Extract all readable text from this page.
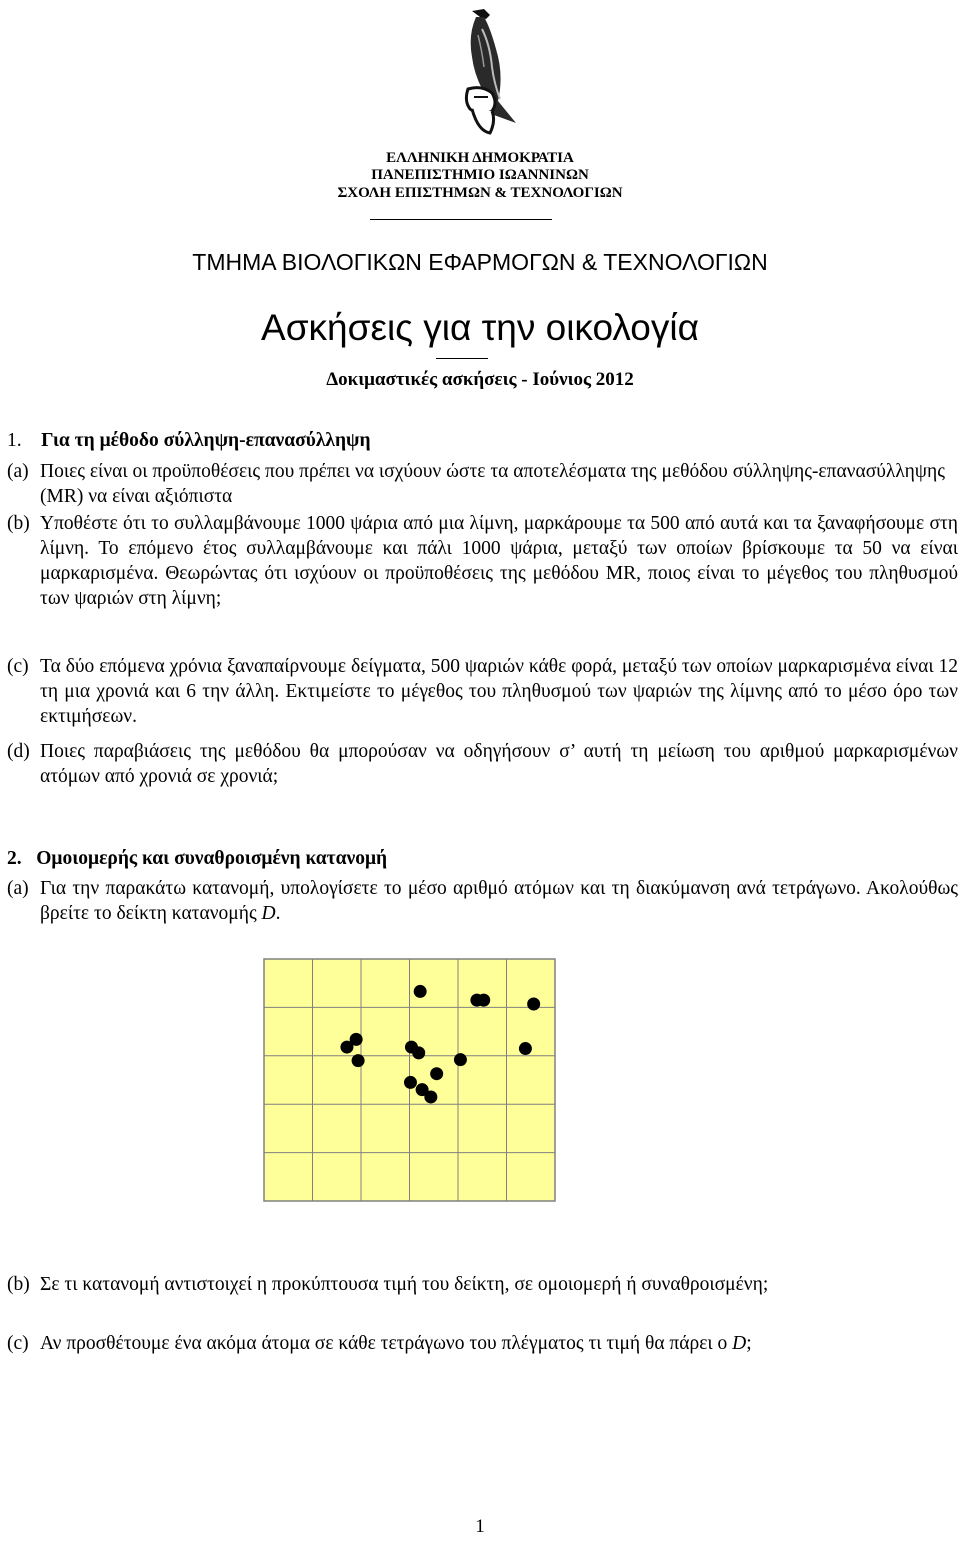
ΕΛΛΗΝΙΚΗ ΔΗΜΟΚΡΑΤΙΑ
ΠΑΝΕΠΙΣΤΗΜΙΟ ΙΩΑΝΝΙΝΩΝ
ΣΧΟΛΗ ΕΠΙΣΤΗΜΩΝ & ΤΕΧΝΟΛΟΓΙΩΝ
ΤΜΗΜΑ ΒΙΟΛΟΓΙΚΩΝ ΕΦΑΡΜΟΓΩΝ & ΤΕΧΝΟΛΟΓΙΩΝ
Ασκήσεις για την οικολογία
Δοκιμαστικές ασκήσεις - Ιούνιος 2012
1. Για τη μέθοδο σύλληψη-επανασύλληψη
(a) Ποιες είναι οι προϋποθέσεις που πρέπει να ισχύουν ώστε τα αποτελέσματα της μεθόδου σύλληψης-επανασύλληψης (MR) να είναι αξιόπιστα
(b) Υποθέστε ότι το συλλαμβάνουμε 1000 ψάρια από μια λίμνη, μαρκάρουμε τα 500 από αυτά και τα ξαναφήσουμε στη λίμνη. Το επόμενο έτος συλλαμβάνουμε και πάλι 1000 ψάρια, μεταξύ των οποίων βρίσκουμε τα 50 να είναι μαρκαρισμένα. Θεωρώντας ότι ισχύουν οι προϋποθέσεις της μεθόδου MR, ποιος είναι το μέγεθος του πληθυσμού των ψαριών στη λίμνη;
(c) Τα δύο επόμενα χρόνια ξαναπαίρνουμε δείγματα, 500 ψαριών κάθε φορά, μεταξύ των οποίων μαρκαρισμένα είναι 12 τη μια χρονιά και 6 την άλλη. Εκτιμείστε το μέγεθος του πληθυσμού των ψαριών της λίμνης από το μέσο όρο των εκτιμήσεων.
(d) Ποιες παραβιάσεις της μεθόδου θα μπορούσαν να οδηγήσουν σ’ αυτή τη μείωση του αριθμού μαρκαρισμένων ατόμων από χρονιά σε χρονιά;
2. Ομοιομερής και συναθροισμένη κατανομή
(a) Για την παρακάτω κατανομή, υπολογίσετε το μέσο αριθμό ατόμων και τη διακύμανση ανά τετράγωνο. Ακολούθως βρείτε το δείκτη κατανομής D.
(b) Σε τι κατανομή αντιστοιχεί η προκύπτουσα τιμή του δείκτη, σε ομοιομερή ή συναθροισμένη;
(c) Αν προσθέτουμε ένα ακόμα άτομα σε κάθε τετράγωνο του πλέγματος τι τιμή θα πάρει ο D;
1
